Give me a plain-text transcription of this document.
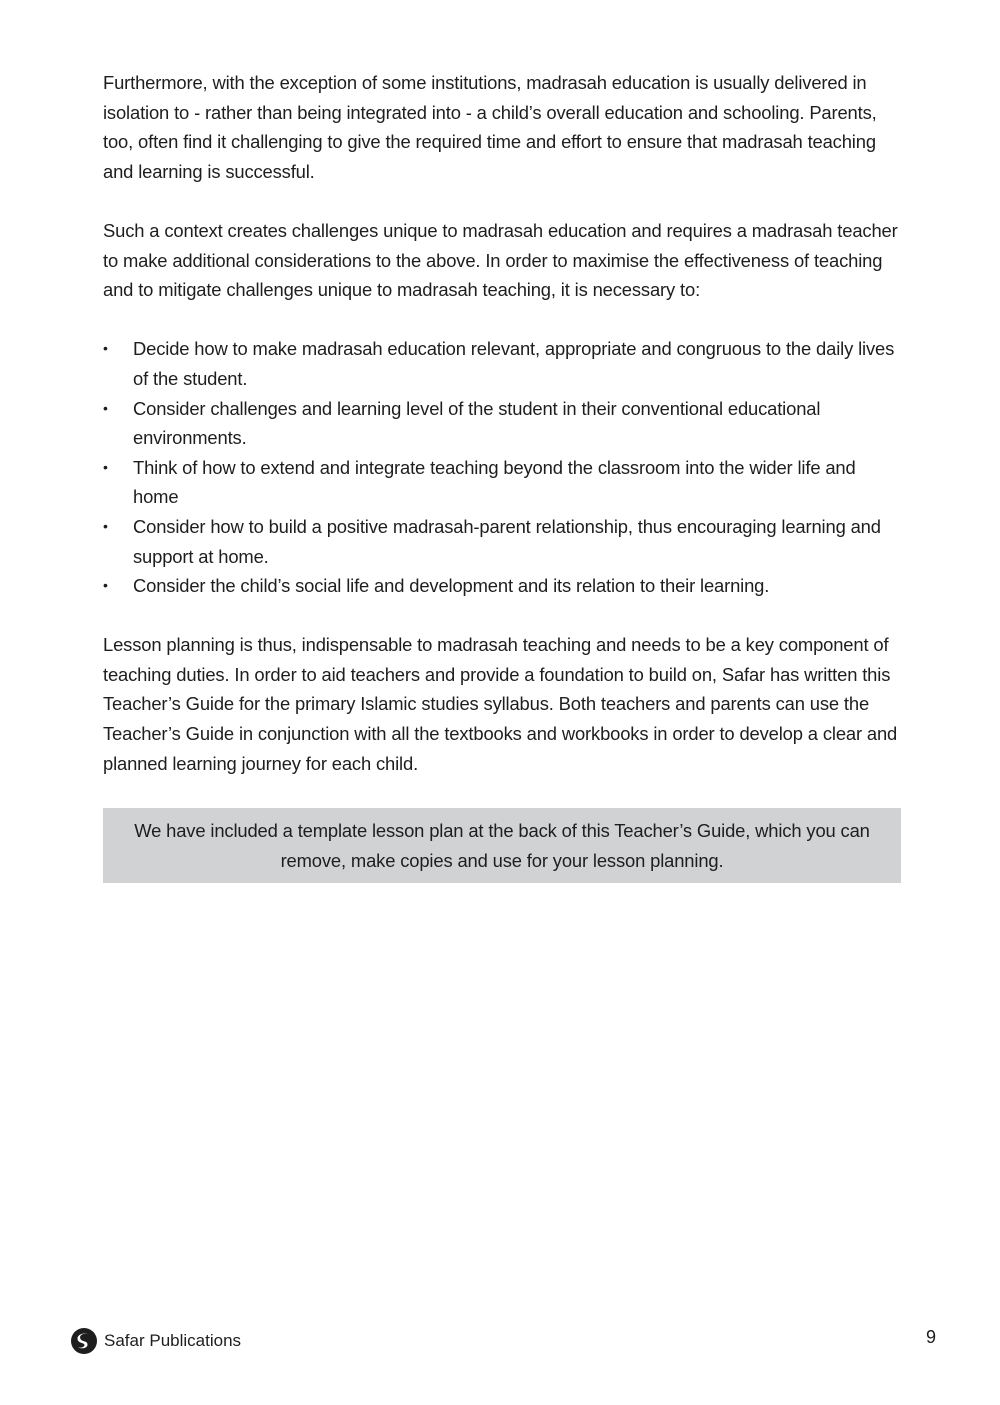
Furthermore, with the exception of some institutions, madrasah education is usually delivered in isolation to - rather than being integrated into - a child’s overall education and schooling. Parents, too, often find it challenging to give the required time and effort to ensure that madrasah teaching and learning is successful.

Such a context creates challenges unique to madrasah education and requires a madrasah teacher to make additional considerations to the above. In order to maximise the effectiveness of teaching and to mitigate challenges unique to madrasah teaching, it is necessary to:

• Decide how to make madrasah education relevant, appropriate and congruous to the daily lives of the student.
• Consider challenges and learning level of the student in their conventional educational environments.
• Think of how to extend and integrate teaching beyond the classroom into the wider life and home
• Consider how to build a positive madrasah-parent relationship, thus encouraging learning and support at home.
• Consider the child’s social life and development and its relation to their learning.

Lesson planning is thus, indispensable to madrasah teaching and needs to be a key component of teaching duties. In order to aid teachers and provide a foundation to build on, Safar has written this Teacher’s Guide for the primary Islamic studies syllabus. Both teachers and parents can use the Teacher’s Guide in conjunction with all the textbooks and workbooks in order to develop a clear and planned learning journey for each child.

We have included a template lesson plan at the back of this Teacher’s Guide, which you can remove, make copies and use for your lesson planning.
Safar Publications	9
